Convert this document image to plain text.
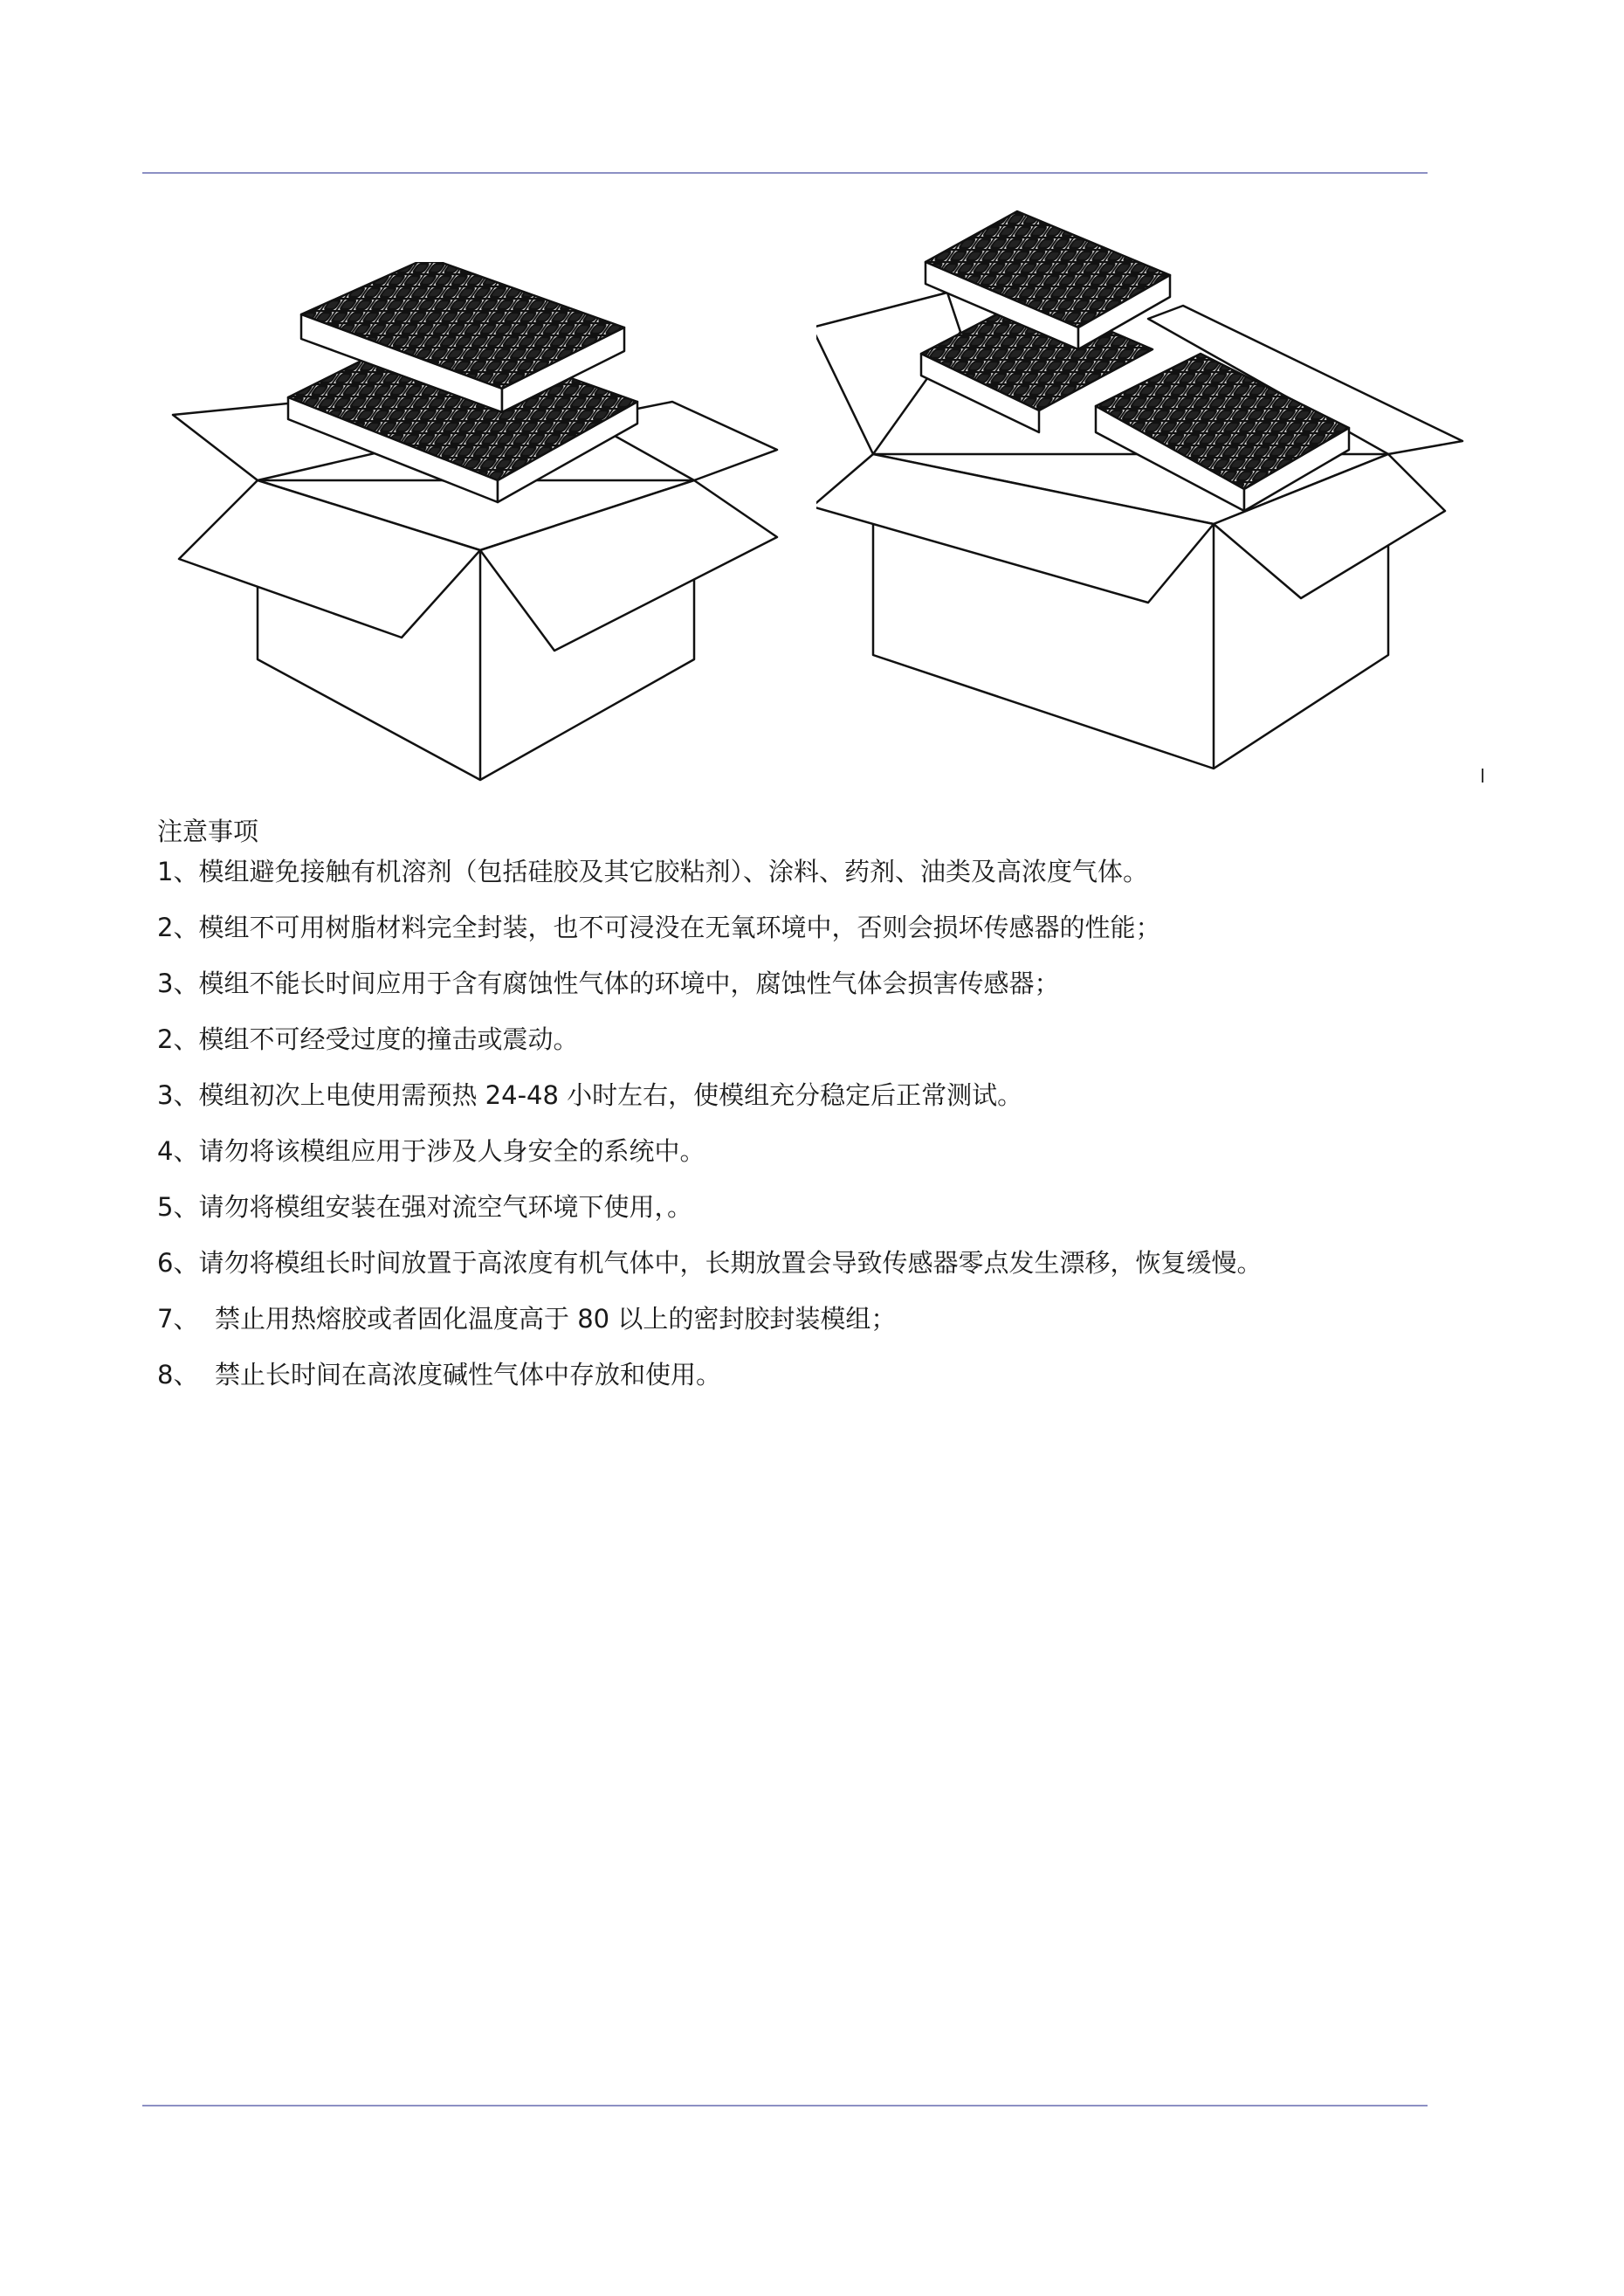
注意事项
1、 模组避免接触有机溶剂（包括硅胶及其它胶粘剂）、涂料、药剂、油类及高浓度气体。
2、 模组不可用树脂材料完全封装，也不可浸没在无氧环境中，否则会损坏传感器的性能；
3、 模组不能长时间应用于含有腐蚀性气体的环境中，腐蚀性气体会损害传感器；
2、 模组不可经受过度的撞击或震动。
3、 模组初次上电使用需预热 24-48 小时左右，使模组充分稳定后正常测试。
4、 请勿将该模组应用于涉及人身安全的系统中。
5、 请勿将模组安装在强对流空气环境下使用，。
6、 请勿将模组长时间放置于高浓度有机气体中，长期放置会导致传感器零点发生漂移，恢复缓慢。
7、 禁止用热熔胶或者固化温度高于 80 以上的密封胶封装模组；
8、 禁止长时间在高浓度碱性气体中存放和使用。
